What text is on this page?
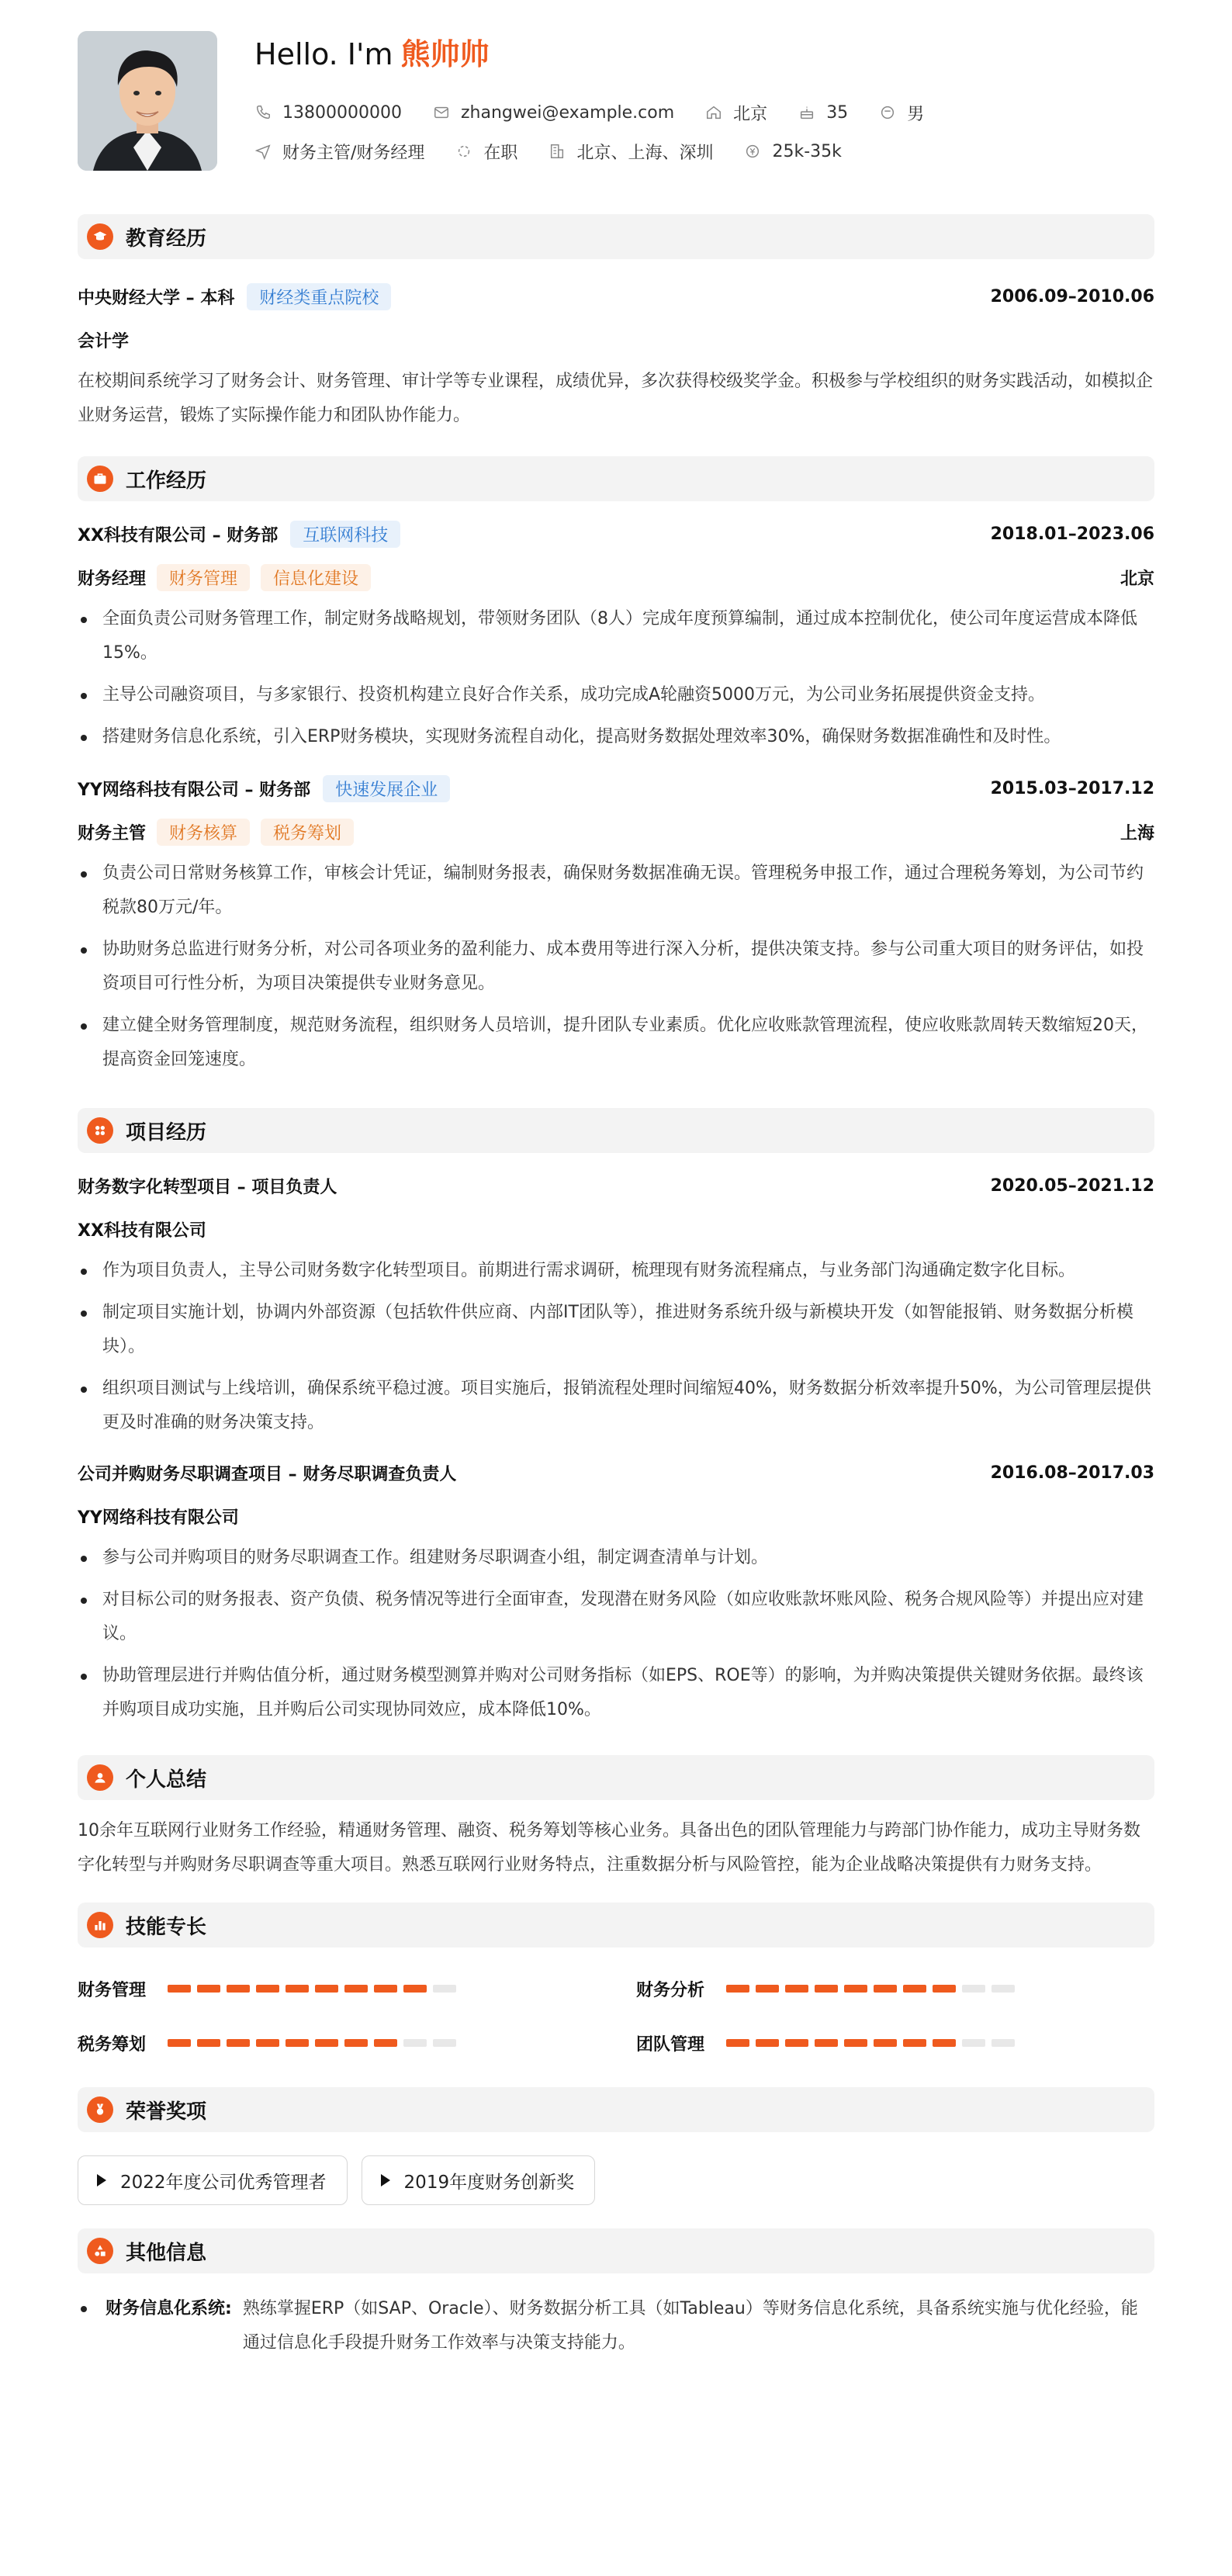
Hello. I'm 熊帅帅
13800000000	zhangwei@example.com	北京	35	男
财务主管/财务经理	在职	北京、上海、深圳	25k-35k
教育经历
中央财经大学 – 本科	财经类重点院校	2006.09–2010.06
会计学
在校期间系统学习了财务会计、财务管理、审计学等专业课程，成绩优异，多次获得校级奖学金。积极参与学校组织的财务实践活动，如模拟企业财务运营，锻炼了实际操作能力和团队协作能力。
工作经历
XX科技有限公司 – 财务部	互联网科技	2018.01–2023.06
财务经理	财务管理	信息化建设	北京
全面负责公司财务管理工作，制定财务战略规划，带领财务团队（8人）完成年度预算编制，通过成本控制优化，使公司年度运营成本降低15%。
主导公司融资项目，与多家银行、投资机构建立良好合作关系，成功完成A轮融资5000万元，为公司业务拓展提供资金支持。
搭建财务信息化系统，引入ERP财务模块，实现财务流程自动化，提高财务数据处理效率30%，确保财务数据准确性和及时性。
YY网络科技有限公司 – 财务部	快速发展企业	2015.03–2017.12
财务主管	财务核算	税务筹划	上海
负责公司日常财务核算工作，审核会计凭证，编制财务报表，确保财务数据准确无误。管理税务申报工作，通过合理税务筹划，为公司节约税款80万元/年。
协助财务总监进行财务分析，对公司各项业务的盈利能力、成本费用等进行深入分析，提供决策支持。参与公司重大项目的财务评估，如投资项目可行性分析，为项目决策提供专业财务意见。
建立健全财务管理制度，规范财务流程，组织财务人员培训，提升团队专业素质。优化应收账款管理流程，使应收账款周转天数缩短20天，提高资金回笼速度。
项目经历
财务数字化转型项目 – 项目负责人	2020.05–2021.12
XX科技有限公司
作为项目负责人，主导公司财务数字化转型项目。前期进行需求调研，梳理现有财务流程痛点，与业务部门沟通确定数字化目标。
制定项目实施计划，协调内外部资源（包括软件供应商、内部IT团队等），推进财务系统升级与新模块开发（如智能报销、财务数据分析模块）。
组织项目测试与上线培训，确保系统平稳过渡。项目实施后，报销流程处理时间缩短40%，财务数据分析效率提升50%，为公司管理层提供更及时准确的财务决策支持。
公司并购财务尽职调查项目 – 财务尽职调查负责人	2016.08–2017.03
YY网络科技有限公司
参与公司并购项目的财务尽职调查工作。组建财务尽职调查小组，制定调查清单与计划。
对目标公司的财务报表、资产负债、税务情况等进行全面审查，发现潜在财务风险（如应收账款坏账风险、税务合规风险等）并提出应对建议。
协助管理层进行并购估值分析，通过财务模型测算并购对公司财务指标（如EPS、ROE等）的影响，为并购决策提供关键财务依据。最终该并购项目成功实施，且并购后公司实现协同效应，成本降低10%。
个人总结
10余年互联网行业财务工作经验，精通财务管理、融资、税务筹划等核心业务。具备出色的团队管理能力与跨部门协作能力，成功主导财务数字化转型与并购财务尽职调查等重大项目。熟悉互联网行业财务特点，注重数据分析与风险管控，能为企业战略决策提供有力财务支持。
技能专长
财务管理	财务分析
税务筹划	团队管理
荣誉奖项
2022年度公司优秀管理者	2019年度财务创新奖
其他信息
财务信息化系统: 熟练掌握ERP（如SAP、Oracle）、财务数据分析工具（如Tableau）等财务信息化系统，具备系统实施与优化经验，能通过信息化手段提升财务工作效率与决策支持能力。
